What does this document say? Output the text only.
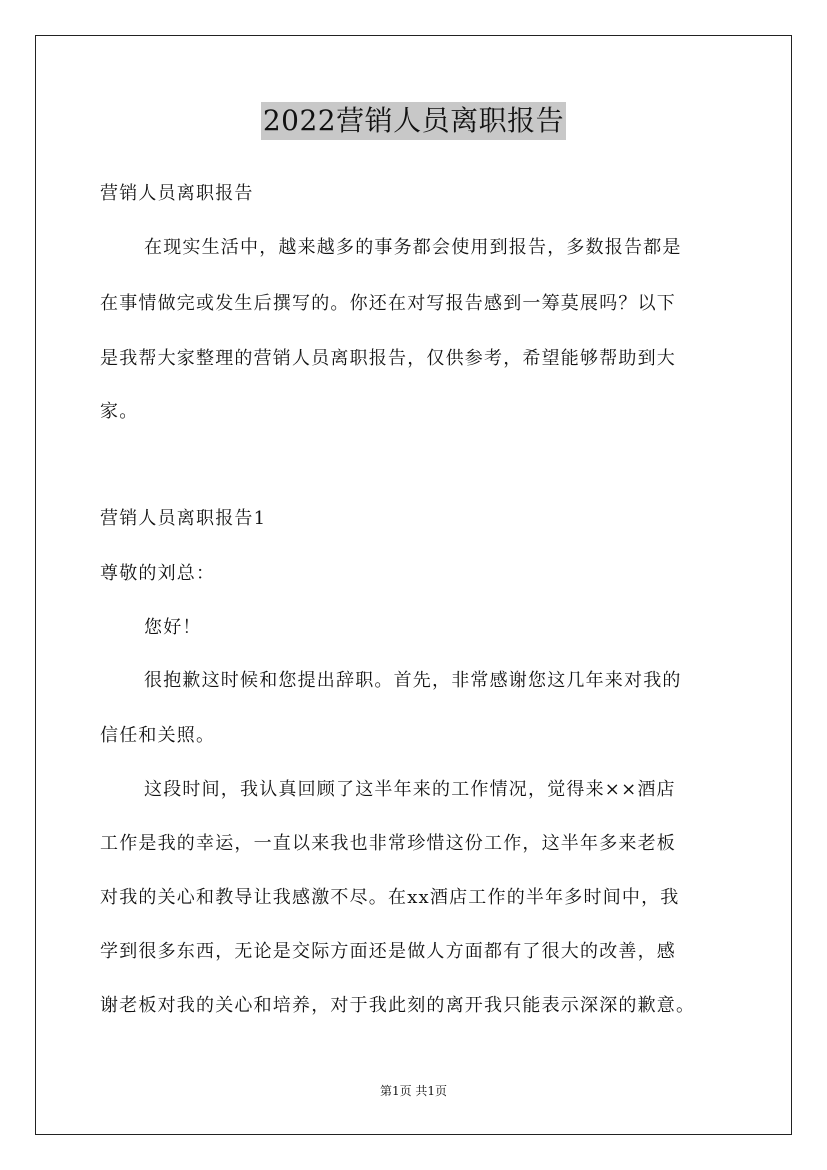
2022营销人员离职报告
营销人员离职报告
在现实生活中，越来越多的事务都会使用到报告，多数报告都是
在事情做完或发生后撰写的。你还在对写报告感到一筹莫展吗？以下
是我帮大家整理的营销人员离职报告，仅供参考，希望能够帮助到大
家。
营销人员离职报告1
尊敬的刘总：
您好！
很抱歉这时候和您提出辞职。首先，非常感谢您这几年来对我的
信任和关照。
这段时间，我认真回顾了这半年来的工作情况，觉得来××酒店
工作是我的幸运，一直以来我也非常珍惜这份工作，这半年多来老板
对我的关心和教导让我感激不尽。在xx酒店工作的半年多时间中，我
学到很多东西，无论是交际方面还是做人方面都有了很大的改善，感
谢老板对我的关心和培养，对于我此刻的离开我只能表示深深的歉意。
第1页 共1页
